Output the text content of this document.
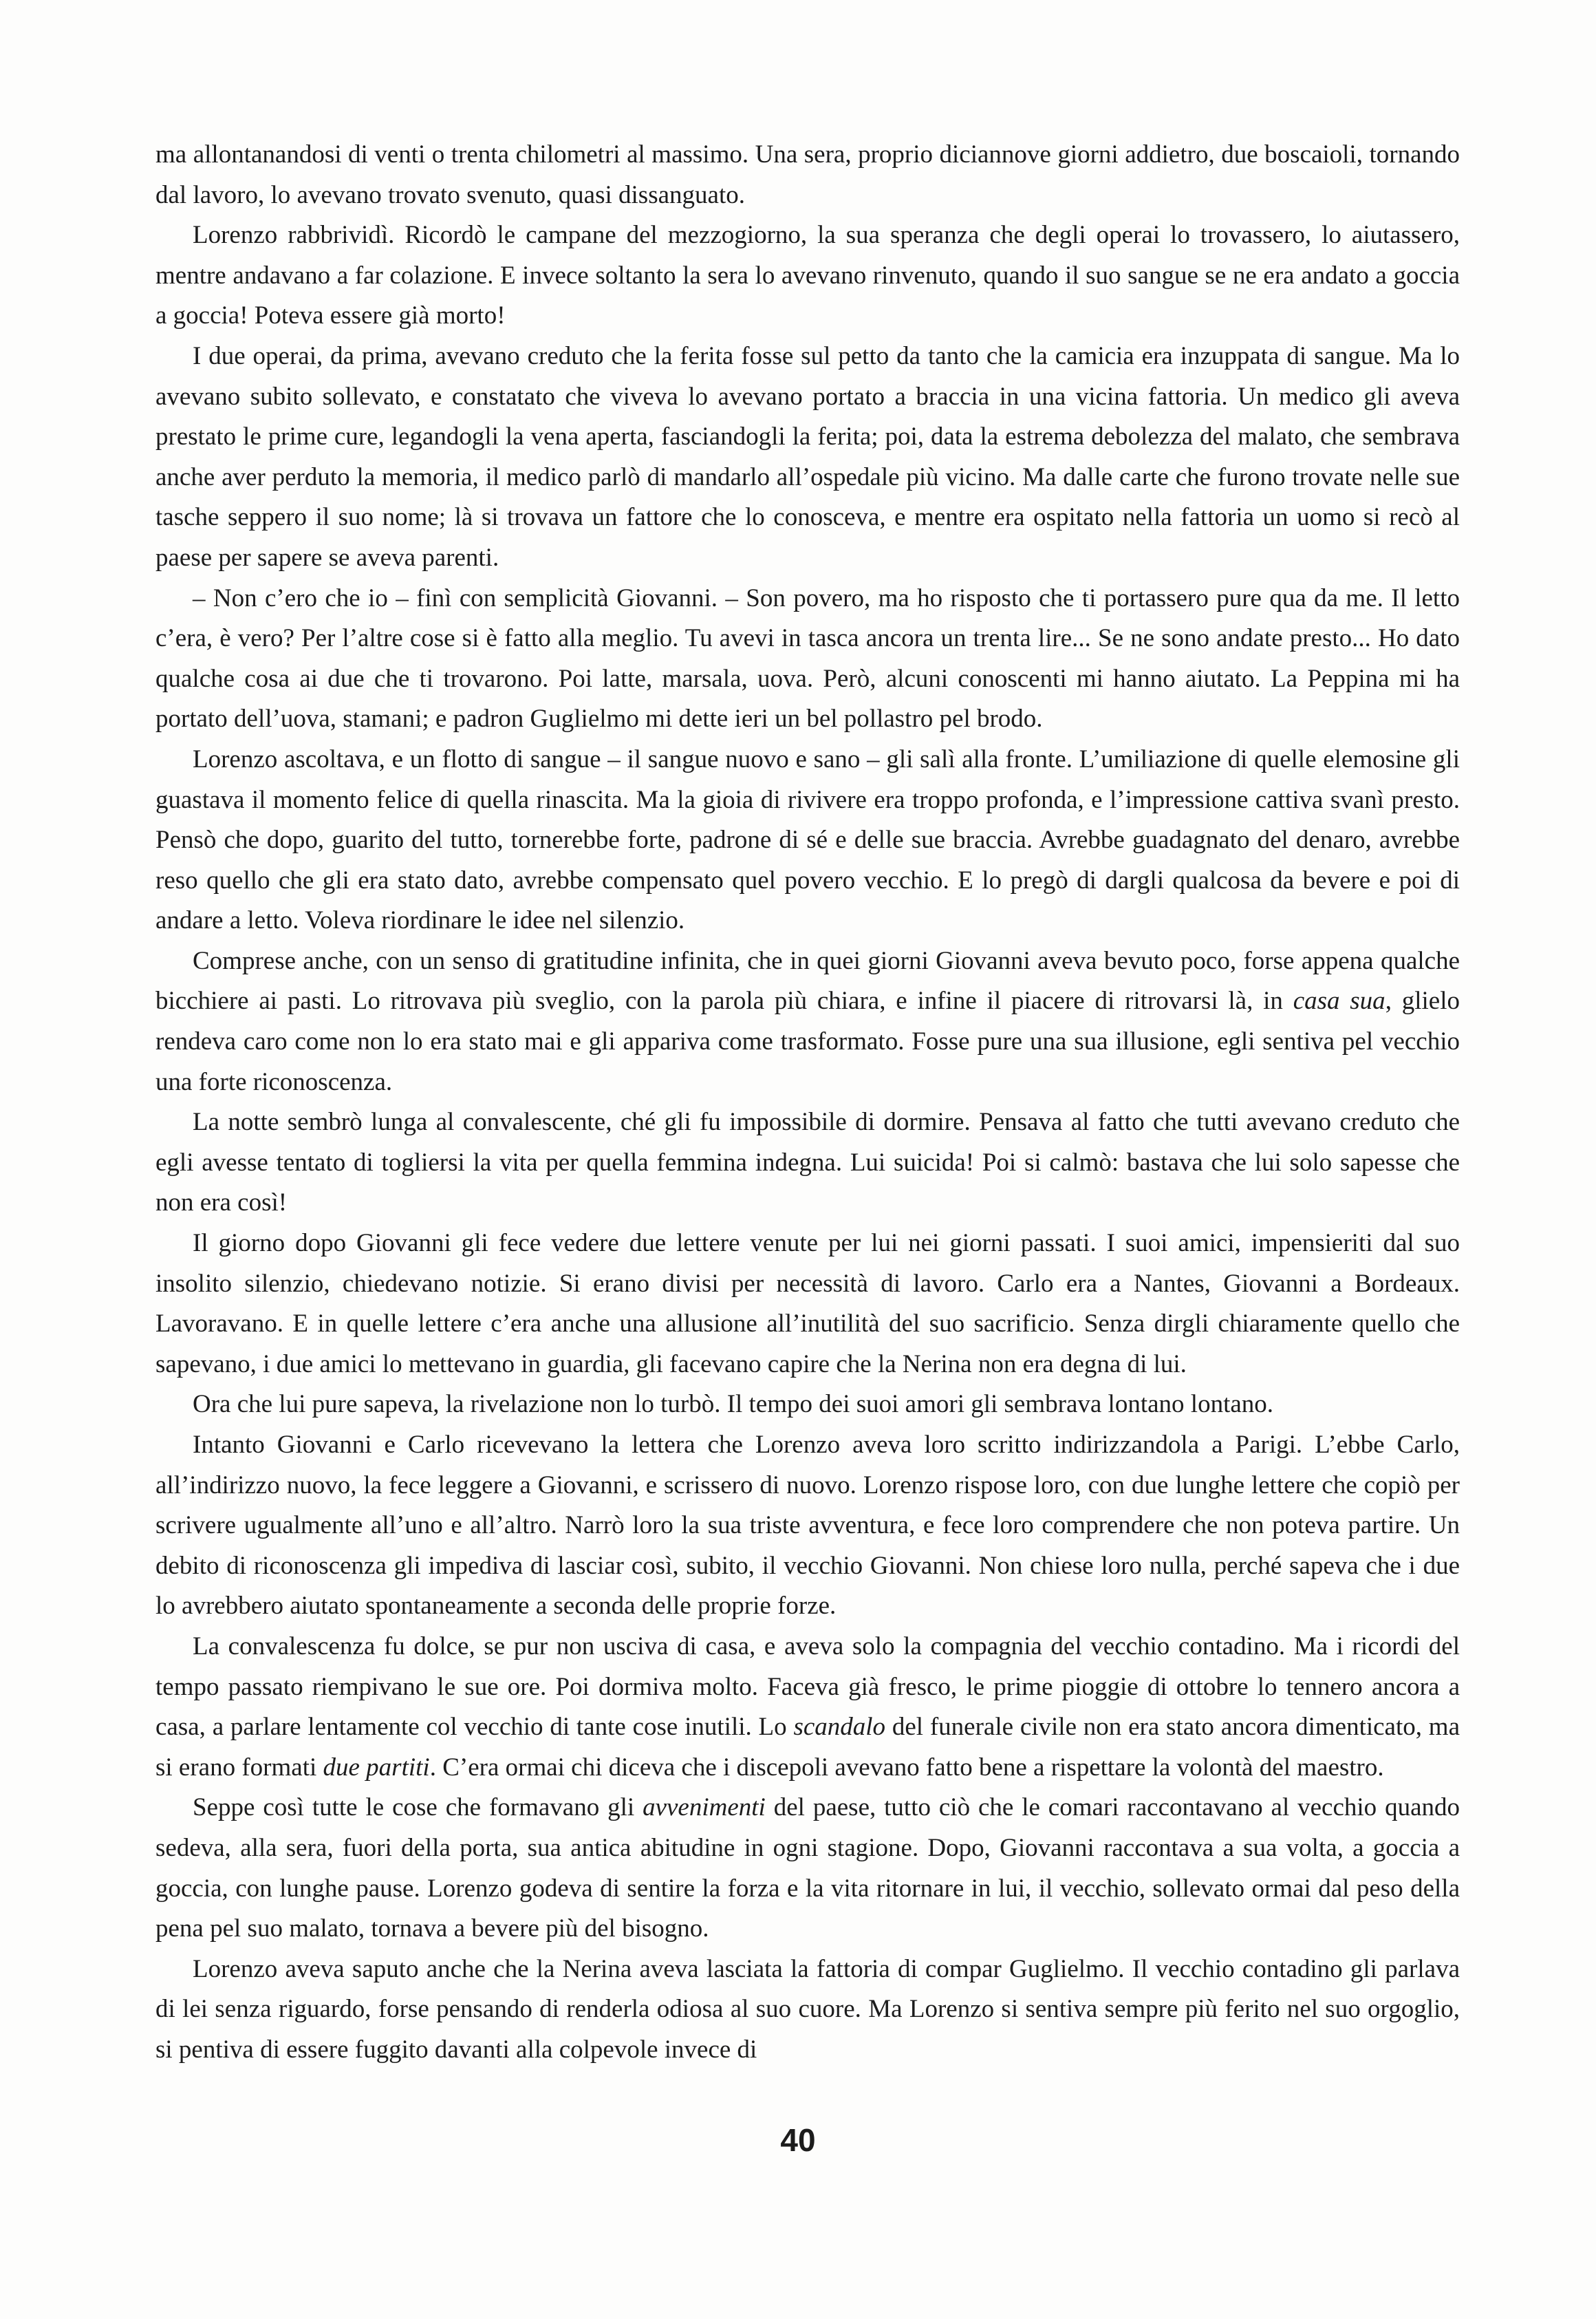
ma allontanandosi di venti o trenta chilometri al massimo. Una sera, proprio diciannove giorni addietro, due boscaioli, tornando dal lavoro, lo avevano trovato svenuto, quasi dissanguato.

Lorenzo rabbrividì. Ricordò le campane del mezzogiorno, la sua speranza che degli operai lo trovassero, lo aiutassero, mentre andavano a far colazione. E invece soltanto la sera lo avevano rinvenuto, quando il suo sangue se ne era andato a goccia a goccia! Poteva essere già morto!

I due operai, da prima, avevano creduto che la ferita fosse sul petto da tanto che la camicia era inzuppata di sangue. Ma lo avevano subito sollevato, e constatato che viveva lo avevano portato a braccia in una vicina fattoria. Un medico gli aveva prestato le prime cure, legandogli la vena aperta, fasciandogli la ferita; poi, data la estrema debolezza del malato, che sembrava anche aver perduto la memoria, il medico parlò di mandarlo all’ospedale più vicino. Ma dalle carte che furono trovate nelle sue tasche seppero il suo nome; là si trovava un fattore che lo conosceva, e mentre era ospitato nella fattoria un uomo si recò al paese per sapere se aveva parenti.

– Non c’ero che io – finì con semplicità Giovanni. – Son povero, ma ho risposto che ti portassero pure qua da me. Il letto c’era, è vero? Per l’altre cose si è fatto alla meglio. Tu avevi in tasca ancora un trenta lire... Se ne sono andate presto... Ho dato qualche cosa ai due che ti trovarono. Poi latte, marsala, uova. Però, alcuni conoscenti mi hanno aiutato. La Peppina mi ha portato dell’uova, stamani; e padron Guglielmo mi dette ieri un bel pollastro pel brodo.

Lorenzo ascoltava, e un flotto di sangue – il sangue nuovo e sano – gli salì alla fronte. L’umiliazione di quelle elemosine gli guastava il momento felice di quella rinascita. Ma la gioia di rivivere era troppo profonda, e l’impressione cattiva svanì presto. Pensò che dopo, guarito del tutto, tornerebbe forte, padrone di sé e delle sue braccia. Avrebbe guadagnato del denaro, avrebbe reso quello che gli era stato dato, avrebbe compensato quel povero vecchio. E lo pregò di dargli qualcosa da bevere e poi di andare a letto. Voleva riordinare le idee nel silenzio.

Comprese anche, con un senso di gratitudine infinita, che in quei giorni Giovanni aveva bevuto poco, forse appena qualche bicchiere ai pasti. Lo ritrovava più sveglio, con la parola più chiara, e infine il piacere di ritrovarsi là, in casa sua, glielo rendeva caro come non lo era stato mai e gli appariva come trasformato. Fosse pure una sua illusione, egli sentiva pel vecchio una forte riconoscenza.

La notte sembrò lunga al convalescente, ché gli fu impossibile di dormire. Pensava al fatto che tutti avevano creduto che egli avesse tentato di togliersi la vita per quella femmina indegna. Lui suicida! Poi si calmò: bastava che lui solo sapesse che non era così!

Il giorno dopo Giovanni gli fece vedere due lettere venute per lui nei giorni passati. I suoi amici, impensieriti dal suo insolito silenzio, chiedevano notizie. Si erano divisi per necessità di lavoro. Carlo era a Nantes, Giovanni a Bordeaux. Lavoravano. E in quelle lettere c’era anche una allusione all’inutilità del suo sacrificio. Senza dirgli chiaramente quello che sapevano, i due amici lo mettevano in guardia, gli facevano capire che la Nerina non era degna di lui.

Ora che lui pure sapeva, la rivelazione non lo turbò. Il tempo dei suoi amori gli sembrava lontano lontano.

Intanto Giovanni e Carlo ricevevano la lettera che Lorenzo aveva loro scritto indirizzandola a Parigi. L’ebbe Carlo, all’indirizzo nuovo, la fece leggere a Giovanni, e scrissero di nuovo. Lorenzo rispose loro, con due lunghe lettere che copiò per scrivere ugualmente all’uno e all’altro. Narrò loro la sua triste avventura, e fece loro comprendere che non poteva partire. Un debito di riconoscenza gli impediva di lasciar così, subito, il vecchio Giovanni. Non chiese loro nulla, perché sapeva che i due lo avrebbero aiutato spontaneamente a seconda delle proprie forze.

La convalescenza fu dolce, se pur non usciva di casa, e aveva solo la compagnia del vecchio contadino. Ma i ricordi del tempo passato riempivano le sue ore. Poi dormiva molto. Faceva già fresco, le prime pioggie di ottobre lo tennero ancora a casa, a parlare lentamente col vecchio di tante cose inutili. Lo scandalo del funerale civile non era stato ancora dimenticato, ma si erano formati due partiti. C’era ormai chi diceva che i discepoli avevano fatto bene a rispettare la volontà del maestro.

Seppe così tutte le cose che formavano gli avvenimenti del paese, tutto ciò che le comari raccontavano al vecchio quando sedeva, alla sera, fuori della porta, sua antica abitudine in ogni stagione. Dopo, Giovanni raccontava a sua volta, a goccia a goccia, con lunghe pause. Lorenzo godeva di sentire la forza e la vita ritornare in lui, il vecchio, sollevato ormai dal peso della pena pel suo malato, tornava a bevere più del bisogno.

Lorenzo aveva saputo anche che la Nerina aveva lasciata la fattoria di compar Guglielmo. Il vecchio contadino gli parlava di lei senza riguardo, forse pensando di renderla odiosa al suo cuore. Ma Lorenzo si sentiva sempre più ferito nel suo orgoglio, si pentiva di essere fuggito davanti alla colpevole invece di

40
